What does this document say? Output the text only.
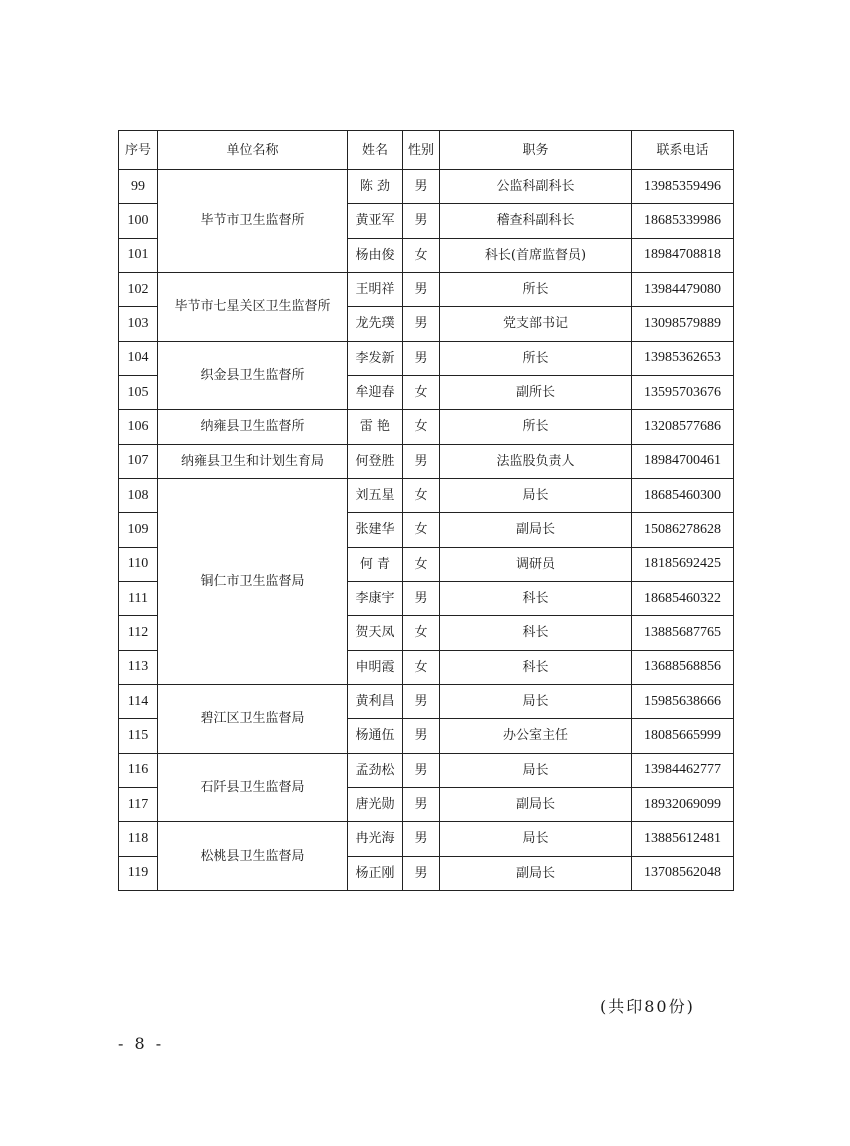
序号	单位名称	姓名	性别	职务	联系电话
99	毕节市卫生监督所	陈 劲	男	公监科副科长	13985359496
100		黄亚军	男	稽查科副科长	18685339986
101		杨由俊	女	科长(首席监督员)	18984708818
102	毕节市七星关区卫生监督所	王明祥	男	所长	13984479080
103		龙先璞	男	党支部书记	13098579889
104	织金县卫生监督所	李发新	男	所长	13985362653
105		牟迎春	女	副所长	13595703676
106	纳雍县卫生监督所	雷 艳	女	所长	13208577686
107	纳雍县卫生和计划生育局	何登胜	男	法监股负责人	18984700461
108	铜仁市卫生监督局	刘五星	女	局长	18685460300
109		张建华	女	副局长	15086278628
110		何 青	女	调研员	18185692425
111		李康宇	男	科长	18685460322
112		贺天凤	女	科长	13885687765
113		申明霞	女	科长	13688568856
114	碧江区卫生监督局	黄利昌	男	局长	15985638666
115		杨通伍	男	办公室主任	18085665999
116	石阡县卫生监督局	孟劲松	男	局长	13984462777
117		唐光勋	男	副局长	18932069099
118	松桃县卫生监督局	冉光海	男	局长	13885612481
119		杨正刚	男	副局长	13708562048
(共印80份)
- 8 -
